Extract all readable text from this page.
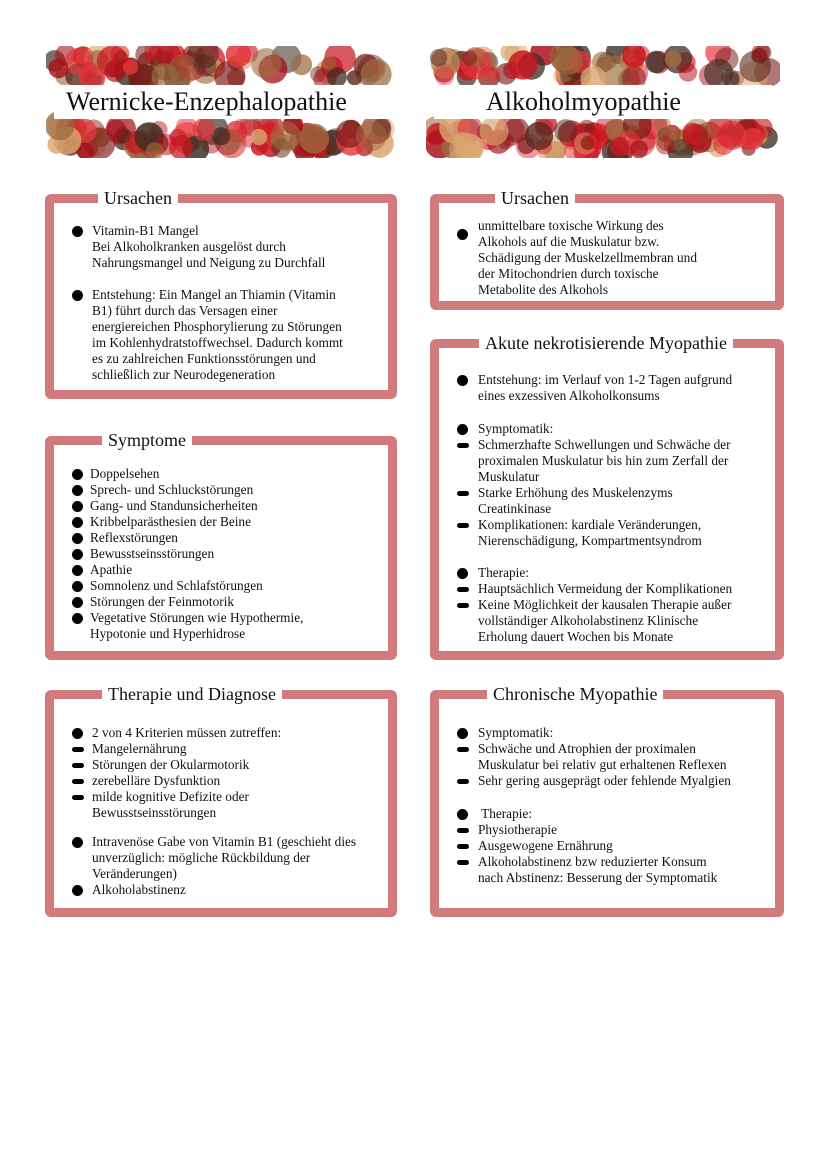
Wernicke-Enzephalopathie	Alkoholmyopathie
Ursachen
Vitamin-B1 Mangel
Bei Alkoholkranken ausgelöst durch
Nahrungsmangel und Neigung zu Durchfall
Entstehung: Ein Mangel an Thiamin (Vitamin
B1) führt durch das Versagen einer
energiereichen Phosphorylierung zu Störungen
im Kohlenhydratstoffwechsel. Dadurch kommt
es zu zahlreichen Funktionsstörungen und
schließlich zur Neurodegeneration
Symptome
Doppelsehen
Sprech- und Schluckstörungen
Gang- und Standunsicherheiten
Kribbelparästhesien der Beine
Reflexstörungen
Bewusstseinsstörungen
Apathie
Somnolenz und Schlafstörungen
Störungen der Feinmotorik
Vegetative Störungen wie Hypothermie,
Hypotonie und Hyperhidrose
Therapie und Diagnose
2 von 4 Kriterien müssen zutreffen:
Mangelernährung
Störungen der Okularmotorik
zerebelläre Dysfunktion
milde kognitive Defizite oder
Bewusstseinsstörungen
Intravenöse Gabe von Vitamin B1 (geschieht dies
unverzüglich: mögliche Rückbildung der
Veränderungen)
Alkoholabstinenz
Ursachen
unmittelbare toxische Wirkung des
Alkohols auf die Muskulatur bzw.
Schädigung der Muskelzellmembran und
der Mitochondrien durch toxische
Metabolite des Alkohols
Akute nekrotisierende Myopathie
Entstehung: im Verlauf von 1-2 Tagen aufgrund
eines exzessiven Alkoholkonsums
Symptomatik:
Schmerzhafte Schwellungen und Schwäche der
proximalen Muskulatur bis hin zum Zerfall der
Muskulatur
Starke Erhöhung des Muskelenzyms
Creatinkinase
Komplikationen: kardiale Veränderungen,
Nierenschädigung, Kompartmentsyndrom
Therapie:
Hauptsächlich Vermeidung der Komplikationen
Keine Möglichkeit der kausalen Therapie außer
vollständiger Alkoholabstinenz Klinische
Erholung dauert Wochen bis Monate
Chronische Myopathie
Symptomatik:
Schwäche und Atrophien der proximalen
Muskulatur bei relativ gut erhaltenen Reflexen
Sehr gering ausgeprägt oder fehlende Myalgien
Therapie:
Physiotherapie
Ausgewogene Ernährung
Alkoholabstinenz bzw reduzierter Konsum
nach Abstinenz: Besserung der Symptomatik
